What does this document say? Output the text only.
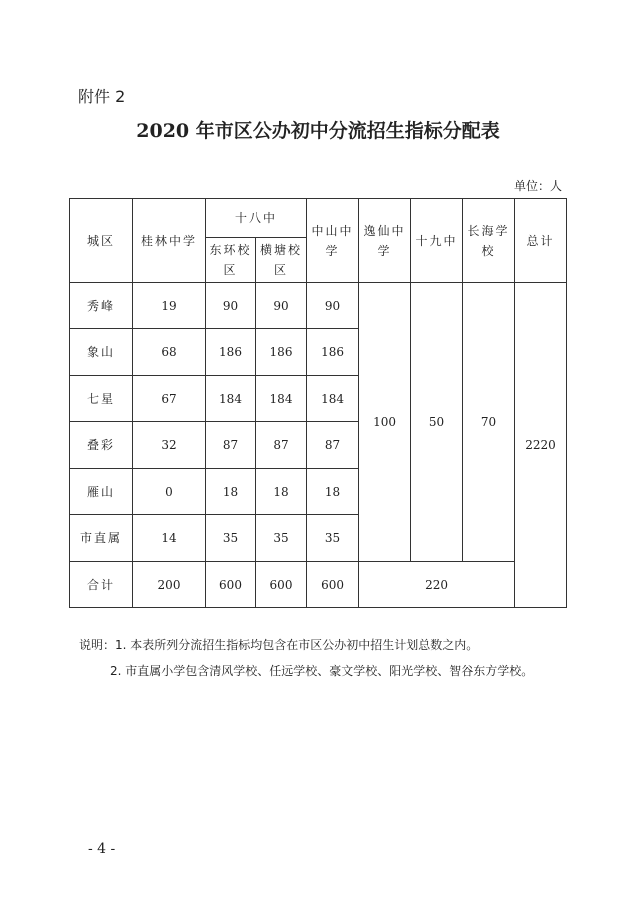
附件 2
2020 年市区公办初中分流招生指标分配表
单位：人
城区	桂林中学	十八中		中山中学	逸仙中学	十九中	长海学校	总计
		东环校区	横塘校区					
秀峰	19	90	90	90	100	50	70	2220
象山	68	186	186	186				
七星	67	184	184	184				
叠彩	32	87	87	87				
雁山	0	18	18	18				
市直属	14	35	35	35				
合计	200	600	600	600	220			
说明：1. 本表所列分流招生指标均包含在市区公办初中招生计划总数之内。
2. 市直属小学包含清风学校、任远学校、豪文学校、阳光学校、智谷东方学校。
- 4 -
